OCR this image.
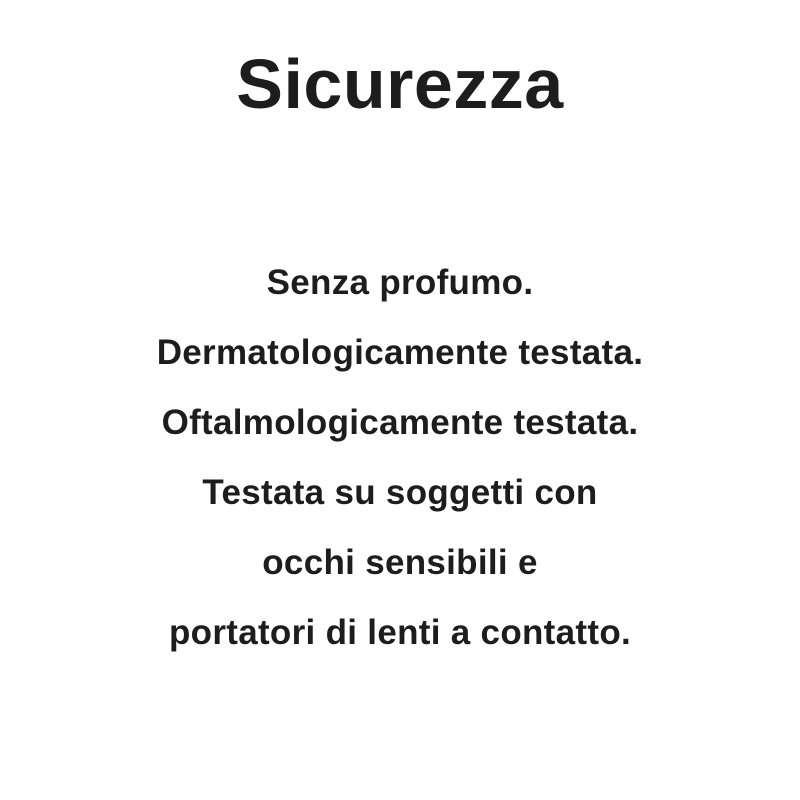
Sicurezza
Senza profumo.
Dermatologicamente testata.
Oftalmologicamente testata.
Testata su soggetti con
occhi sensibili e
portatori di lenti a contatto.
